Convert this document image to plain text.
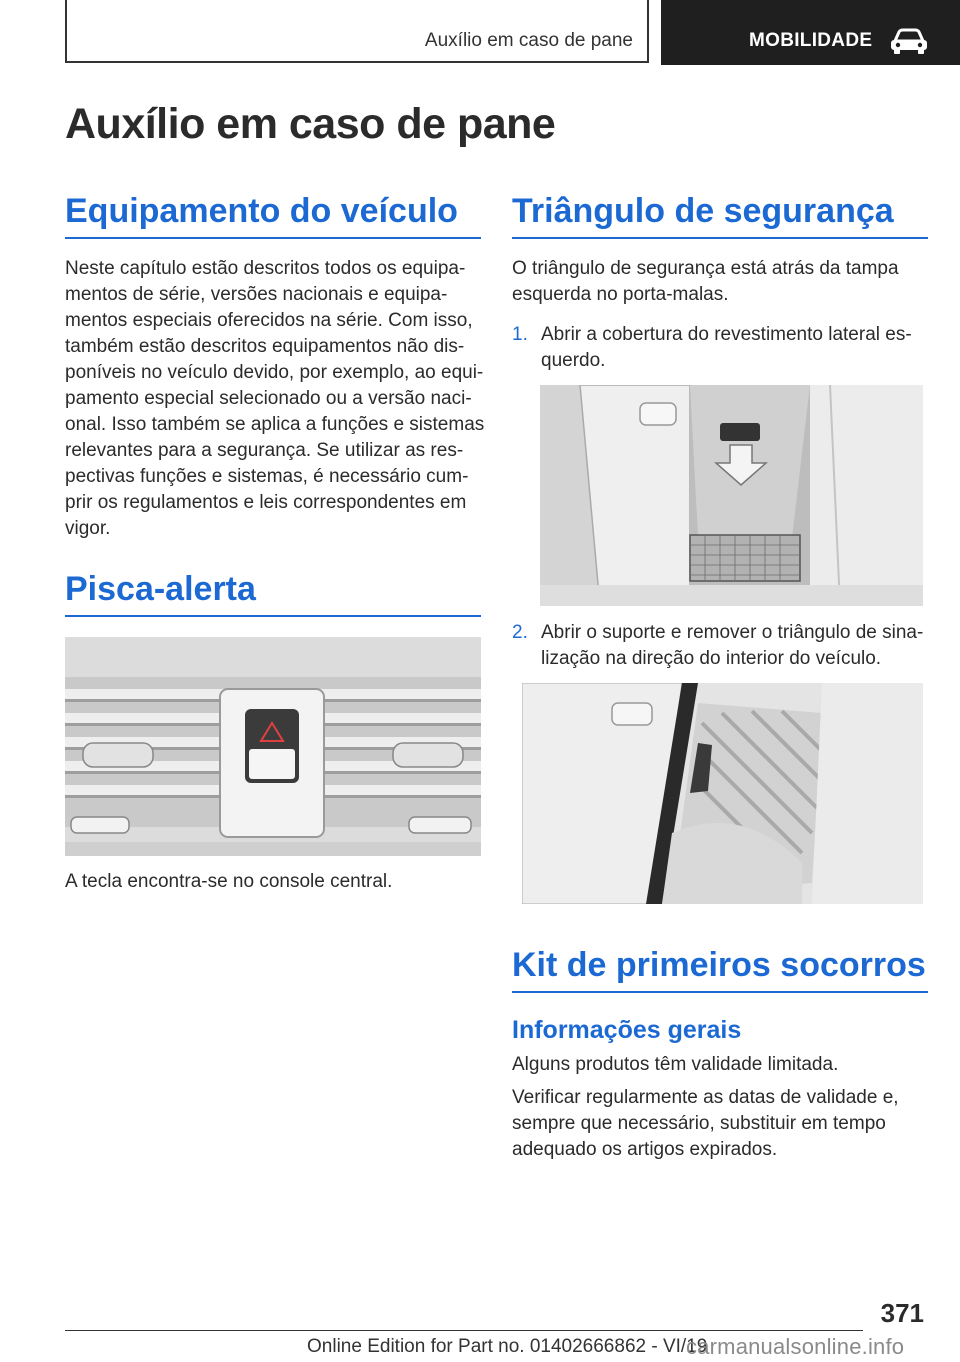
Auxílio em caso de pane	MOBILIDADE
Auxílio em caso de pane
Equipamento do veículo
Neste capítulo estão descritos todos os equipa-
mentos de série, versões nacionais e equipa-
mentos especiais oferecidos na série. Com isso,
também estão descritos equipamentos não dis-
poníveis no veículo devido, por exemplo, ao equi-
pamento especial selecionado ou a versão naci-
onal. Isso também se aplica a funções e sistemas
relevantes para a segurança. Se utilizar as res-
pectivas funções e sistemas, é necessário cum-
prir os regulamentos e leis correspondentes em
vigor.
Pisca-alerta

A tecla encontra-se no console central.

Triângulo de segurança
O triângulo de segurança está atrás da tampa
esquerda no porta-malas.
1. Abrir a cobertura do revestimento lateral es-
querdo.
2. Abrir o suporte e remover o triângulo de sina-
lização na direção do interior do veículo.
Kit de primeiros socorros
Informações gerais

Alguns produtos têm validade limitada.

Verificar regularmente as datas de validade e,
sempre que necessário, substituir em tempo
adequado os artigos expirados.
371
Online Edition for Part no. 01402666862 - VI/19
carmanualsonline.info
